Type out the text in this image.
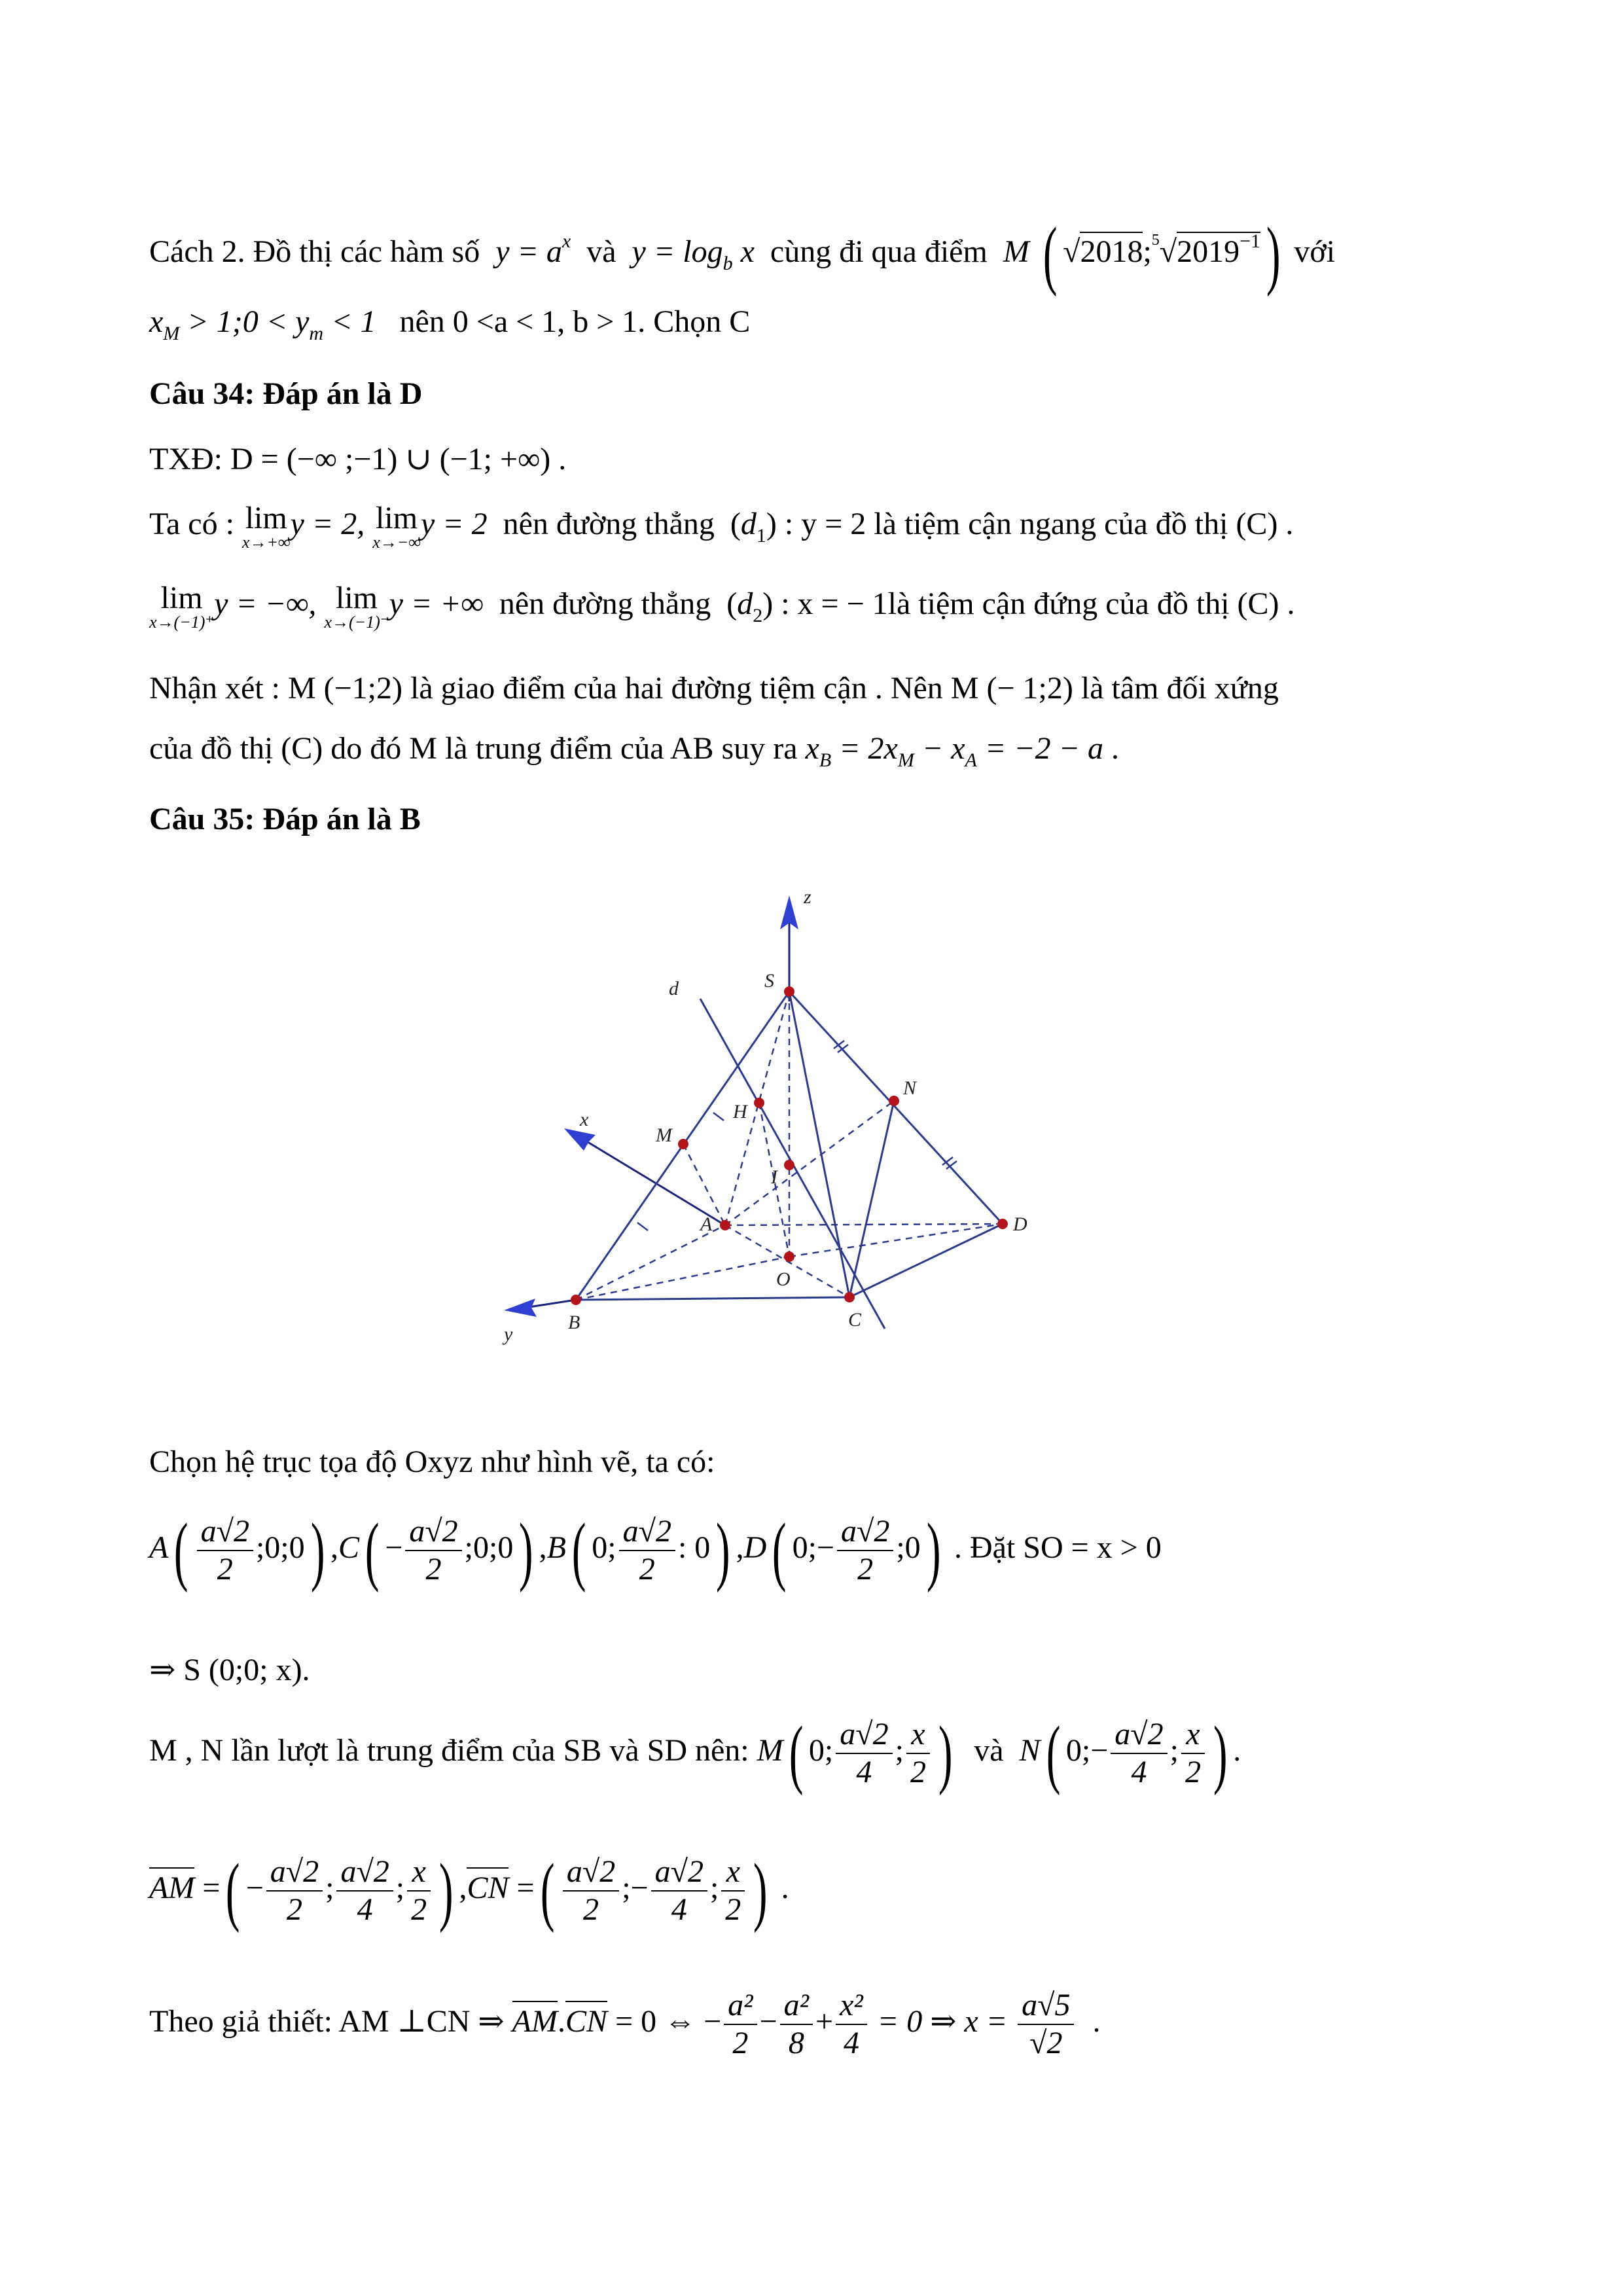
Cách 2. Đồ thị các hàm số $y = a^x$ và $y = \log_b x$ cùng đi qua điểm M ( $√2018;^5√2019^{-1}$) với
$x_M$ > 1;0 < $y_m < 1$ nên 0 <a < 1, b > 1. Chọn C
Câu 34: Đáp án là D
TXĐ: D = (−∞ ;−1) ∪ (−1; +∞) .
Ta có : lim
x→+∞
y = 2, lim
x→−∞
y = 2 nên đường thẳng  $(d_1)$ : y = 2 là tiệm cận ngang của đồ thị (C) .
lim
x→(−1)⁺
y = −∞, lim
x→(−1)⁻
y = +∞ nên đường thẳng  $(d_2)$ : x = − 1là tiệm cận đứng của đồ thị (C) .
Nhận xét : M (−1;2) là giao điểm của hai đường tiệm cận . Nên M (− 1;2) là tâm đối xứng
của đồ thị (C) do đó M là trung điểm của AB suy ra $x_B = 2x_M - x_A = -2 - a$ .
Câu 35: Đáp án là B
z
x
y
d	S
N
M
H
I
A	D
O
B	C
Chọn hệ trục tọa độ Oxyz như hình vẽ, ta có:
$A( \frac{a√2}{2}$ ;0;0) $,C( - \frac{a√2}{2}$ ;0;0) ,B( 0; $\frac{a√2}{2}$ : 0) ,D( 0;− $\frac{a√2}{2}$ ;0) . Đặt SO = x > 0
⇒ S (0;0; x).
M , N lần lượt là trung điểm của SB và SD nên: M( 0; $\frac{a√2}{4}$ ; $\frac{x}{2}$ ) và N( 0;− $\frac{a√2}{4}$ ; $\frac{x}{2}$ ) .
AM =( − $\frac{a√2}{2}$ ; $\frac{a√2}{4}$ ; $\frac{x}{2}$ ) ,CN =( $\frac{a√2}{2}$ ;− $\frac{a√2}{4}$ ; $\frac{x}{2}$ ) .
Theo giả thiết: AM ⊥CN ⇒ AM.CN = 0 ⇔ − $\frac{\text{a²}}{2} - \frac{\text{a²}}{8} + \frac{\text{x²}}{4} = 0$ ⇒ $x = \frac{a√5}{√2}$ .
